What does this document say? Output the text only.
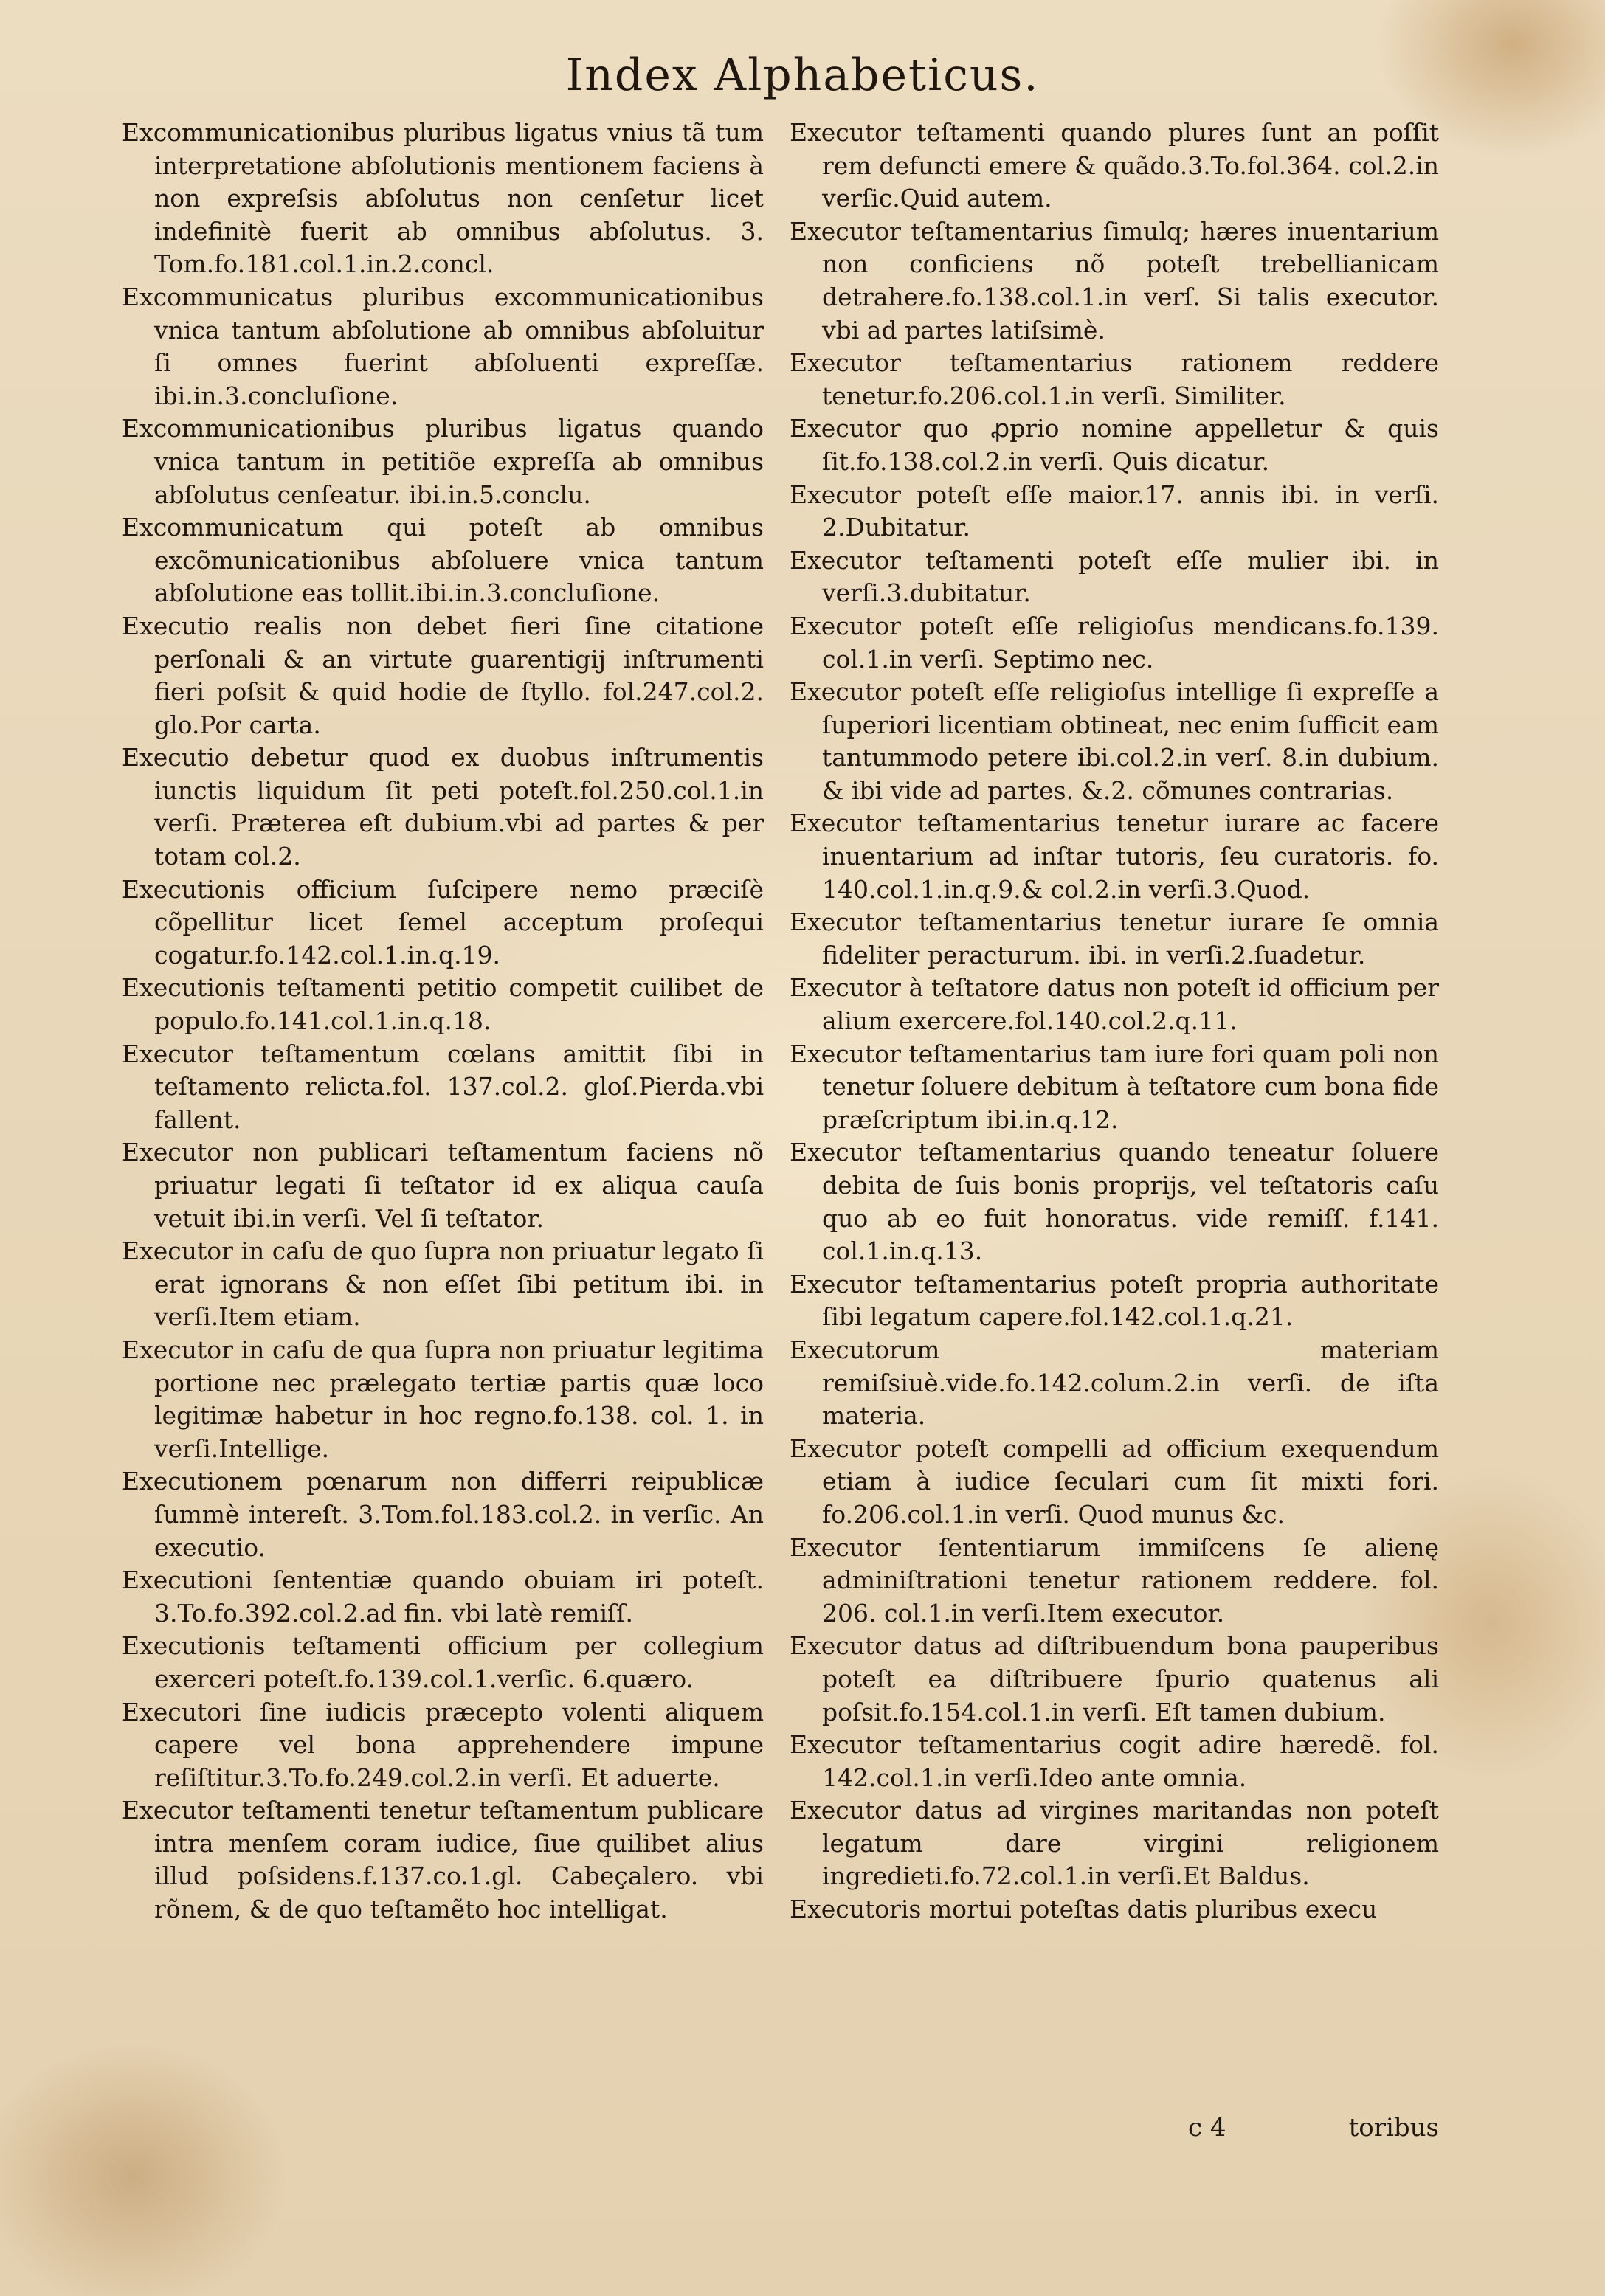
Index Alphabeticus.

Excommunicationibus pluribus ligatus vnius tã tum interpretatione abſolutionis mentionem faciens à non expreſsis abſolutus non cenſetur licet indefinitè fuerit ab omnibus abſolutus. 3. Tom.fo.181.col.1.in.2.concl.

Excommunicatus pluribus excommunicationibus vnica tantum abſolutione ab omnibus abſoluitur ſi omnes fuerint abſoluenti expreſſæ. ibi.in.3.concluſione.

Excommunicationibus pluribus ligatus quando vnica tantum in petitiõe expreſſa ab omnibus abſolutus cenſeatur. ibi.in.5.conclu.

Excommunicatum qui poteſt ab omnibus excõmunicationibus abſoluere vnica tantum abſolutione eas tollit.ibi.in.3.concluſione.

Executio realis non debet fieri ſine citatione perſonali & an virtute guarentigij inſtrumenti fieri poſsit & quid hodie de ſtyllo. fol.247.col.2. glo.Por carta.

Executio debetur quod ex duobus inſtrumentis iunctis liquidum ſit peti poteſt.fol.250.col.1.in verſi. Præterea eſt dubium.vbi ad partes & per totam col.2.

Executionis officium ſuſcipere nemo præciſè cõpellitur licet ſemel acceptum proſequi cogatur.fo.142.col.1.in.q.19.

Executionis teſtamenti petitio competit cuilibet de populo.fo.141.col.1.in.q.18.

Executor teſtamentum cœlans amittit ſibi in teſtamento relicta.fol. 137.col.2. gloſ.Pierda.vbi fallent.

Executor non publicari teſtamentum faciens nõ priuatur legati ſi teſtator id ex aliqua cauſa vetuit ibi.in verſi. Vel ſi teſtator.

Executor in caſu de quo ſupra non priuatur legato ſi erat ignorans & non eſſet ſibi petitum ibi. in verſi.Item etiam.

Executor in caſu de qua ſupra non priuatur legitima portione nec prælegato tertiæ partis quæ loco legitimæ habetur in hoc regno.fo.138. col. 1. in verſi.Intellige.

Executionem pœnarum non differri reipublicæ ſummè intereſt. 3.Tom.fol.183.col.2. in verſic. An executio.

Executioni ſententiæ quando obuiam iri poteſt. 3.To.fo.392.col.2.ad fin. vbi latè remiſſ.

Executionis teſtamenti officium per collegium exerceri poteſt.fo.139.col.1.verſic. 6.quæro.

Executori ſine iudicis præcepto volenti aliquem capere vel bona apprehendere impune reſiſtitur.3.To.fo.249.col.2.in verſi. Et aduerte.

Executor teſtamenti tenetur teſtamentum publicare intra menſem coram iudice, ſiue quilibet alius illud poſsidens.f.137.co.1.gl. Cabeçalero. vbi rõnem, & de quo teſtamẽto hoc intelligat.

Executor teſtamenti quando plures ſunt an poſſit rem defuncti emere & quãdo.3.To.fol.364. col.2.in verſic.Quid autem.

Executor teſtamentarius ſimulq; hæres inuentarium non conficiens nõ poteſt trebellianicam detrahere.fo.138.col.1.in verſ. Si talis executor. vbi ad partes latiſsimè.

Executor teſtamentarius rationem reddere tenetur.fo.206.col.1.in verſi. Similiter.

Executor quo ꝓprio nomine appelletur & quis ſit.fo.138.col.2.in verſi. Quis dicatur.

Executor poteſt eſſe maior.17. annis ibi. in verſi. 2.Dubitatur.

Executor teſtamenti poteſt eſſe mulier ibi. in verſi.3.dubitatur.

Executor poteſt eſſe religioſus mendicans.fo.139. col.1.in verſi. Septimo nec.

Executor poteſt eſſe religioſus intellige ſi expreſſe a ſuperiori licentiam obtineat, nec enim ſufficit eam tantummodo petere ibi.col.2.in verſ. 8.in dubium. & ibi vide ad partes. &.2. cõmunes contrarias.

Executor teſtamentarius tenetur iurare ac facere inuentarium ad inſtar tutoris, ſeu curatoris. fo. 140.col.1.in.q.9.& col.2.in verſi.3.Quod.

Executor teſtamentarius tenetur iurare ſe omnia fideliter peracturum. ibi. in verſi.2.ſuadetur.

Executor à teſtatore datus non poteſt id officium per alium exercere.fol.140.col.2.q.11.

Executor teſtamentarius tam iure fori quam poli non tenetur ſoluere debitum à teſtatore cum bona fide præſcriptum ibi.in.q.12.

Executor teſtamentarius quando teneatur ſoluere debita de ſuis bonis proprijs, vel teſtatoris caſu quo ab eo fuit honoratus. vide remiſſ. f.141. col.1.in.q.13.

Executor teſtamentarius poteſt propria authoritate ſibi legatum capere.fol.142.col.1.q.21.

Executorum materiam remiſsiuè.vide.fo.142.colum.2.in verſi. de iſta materia.

Executor poteſt compelli ad officium exequendum etiam à iudice ſeculari cum ſit mixti fori. fo.206.col.1.in verſi. Quod munus &c.

Executor ſententiarum immiſcens ſe alienę adminiſtrationi tenetur rationem reddere. fol. 206. col.1.in verſi.Item executor.

Executor datus ad diſtribuendum bona pauperibus poteſt ea diſtribuere ſpurio quatenus ali poſsit.fo.154.col.1.in verſi. Eſt tamen dubium.

Executor teſtamentarius cogit adire hæredẽ. fol. 142.col.1.in verſi.Ideo ante omnia.

Executor datus ad virgines maritandas non poteſt legatum dare virgini religionem ingredieti.fo.72.col.1.in verſi.Et Baldus.

Executoris mortui poteſtas datis pluribus execu

c 4	toribus
